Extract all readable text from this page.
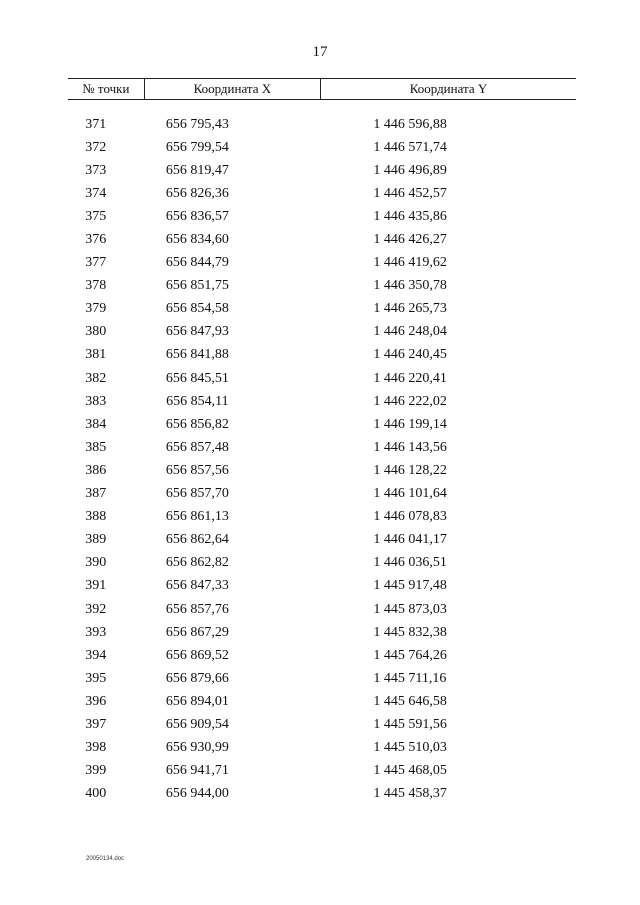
17
№ точки	Координата X	Координата Y
371	656 795,43	1 446 596,88
372	656 799,54	1 446 571,74
373	656 819,47	1 446 496,89
374	656 826,36	1 446 452,57
375	656 836,57	1 446 435,86
376	656 834,60	1 446 426,27
377	656 844,79	1 446 419,62
378	656 851,75	1 446 350,78
379	656 854,58	1 446 265,73
380	656 847,93	1 446 248,04
381	656 841,88	1 446 240,45
382	656 845,51	1 446 220,41
383	656 854,11	1 446 222,02
384	656 856,82	1 446 199,14
385	656 857,48	1 446 143,56
386	656 857,56	1 446 128,22
387	656 857,70	1 446 101,64
388	656 861,13	1 446 078,83
389	656 862,64	1 446 041,17
390	656 862,82	1 446 036,51
391	656 847,33	1 445 917,48
392	656 857,76	1 445 873,03
393	656 867,29	1 445 832,38
394	656 869,52	1 445 764,26
395	656 879,66	1 445 711,16
396	656 894,01	1 445 646,58
397	656 909,54	1 445 591,56
398	656 930,99	1 445 510,03
399	656 941,71	1 445 468,05
400	656 944,00	1 445 458,37
20050134.doc
